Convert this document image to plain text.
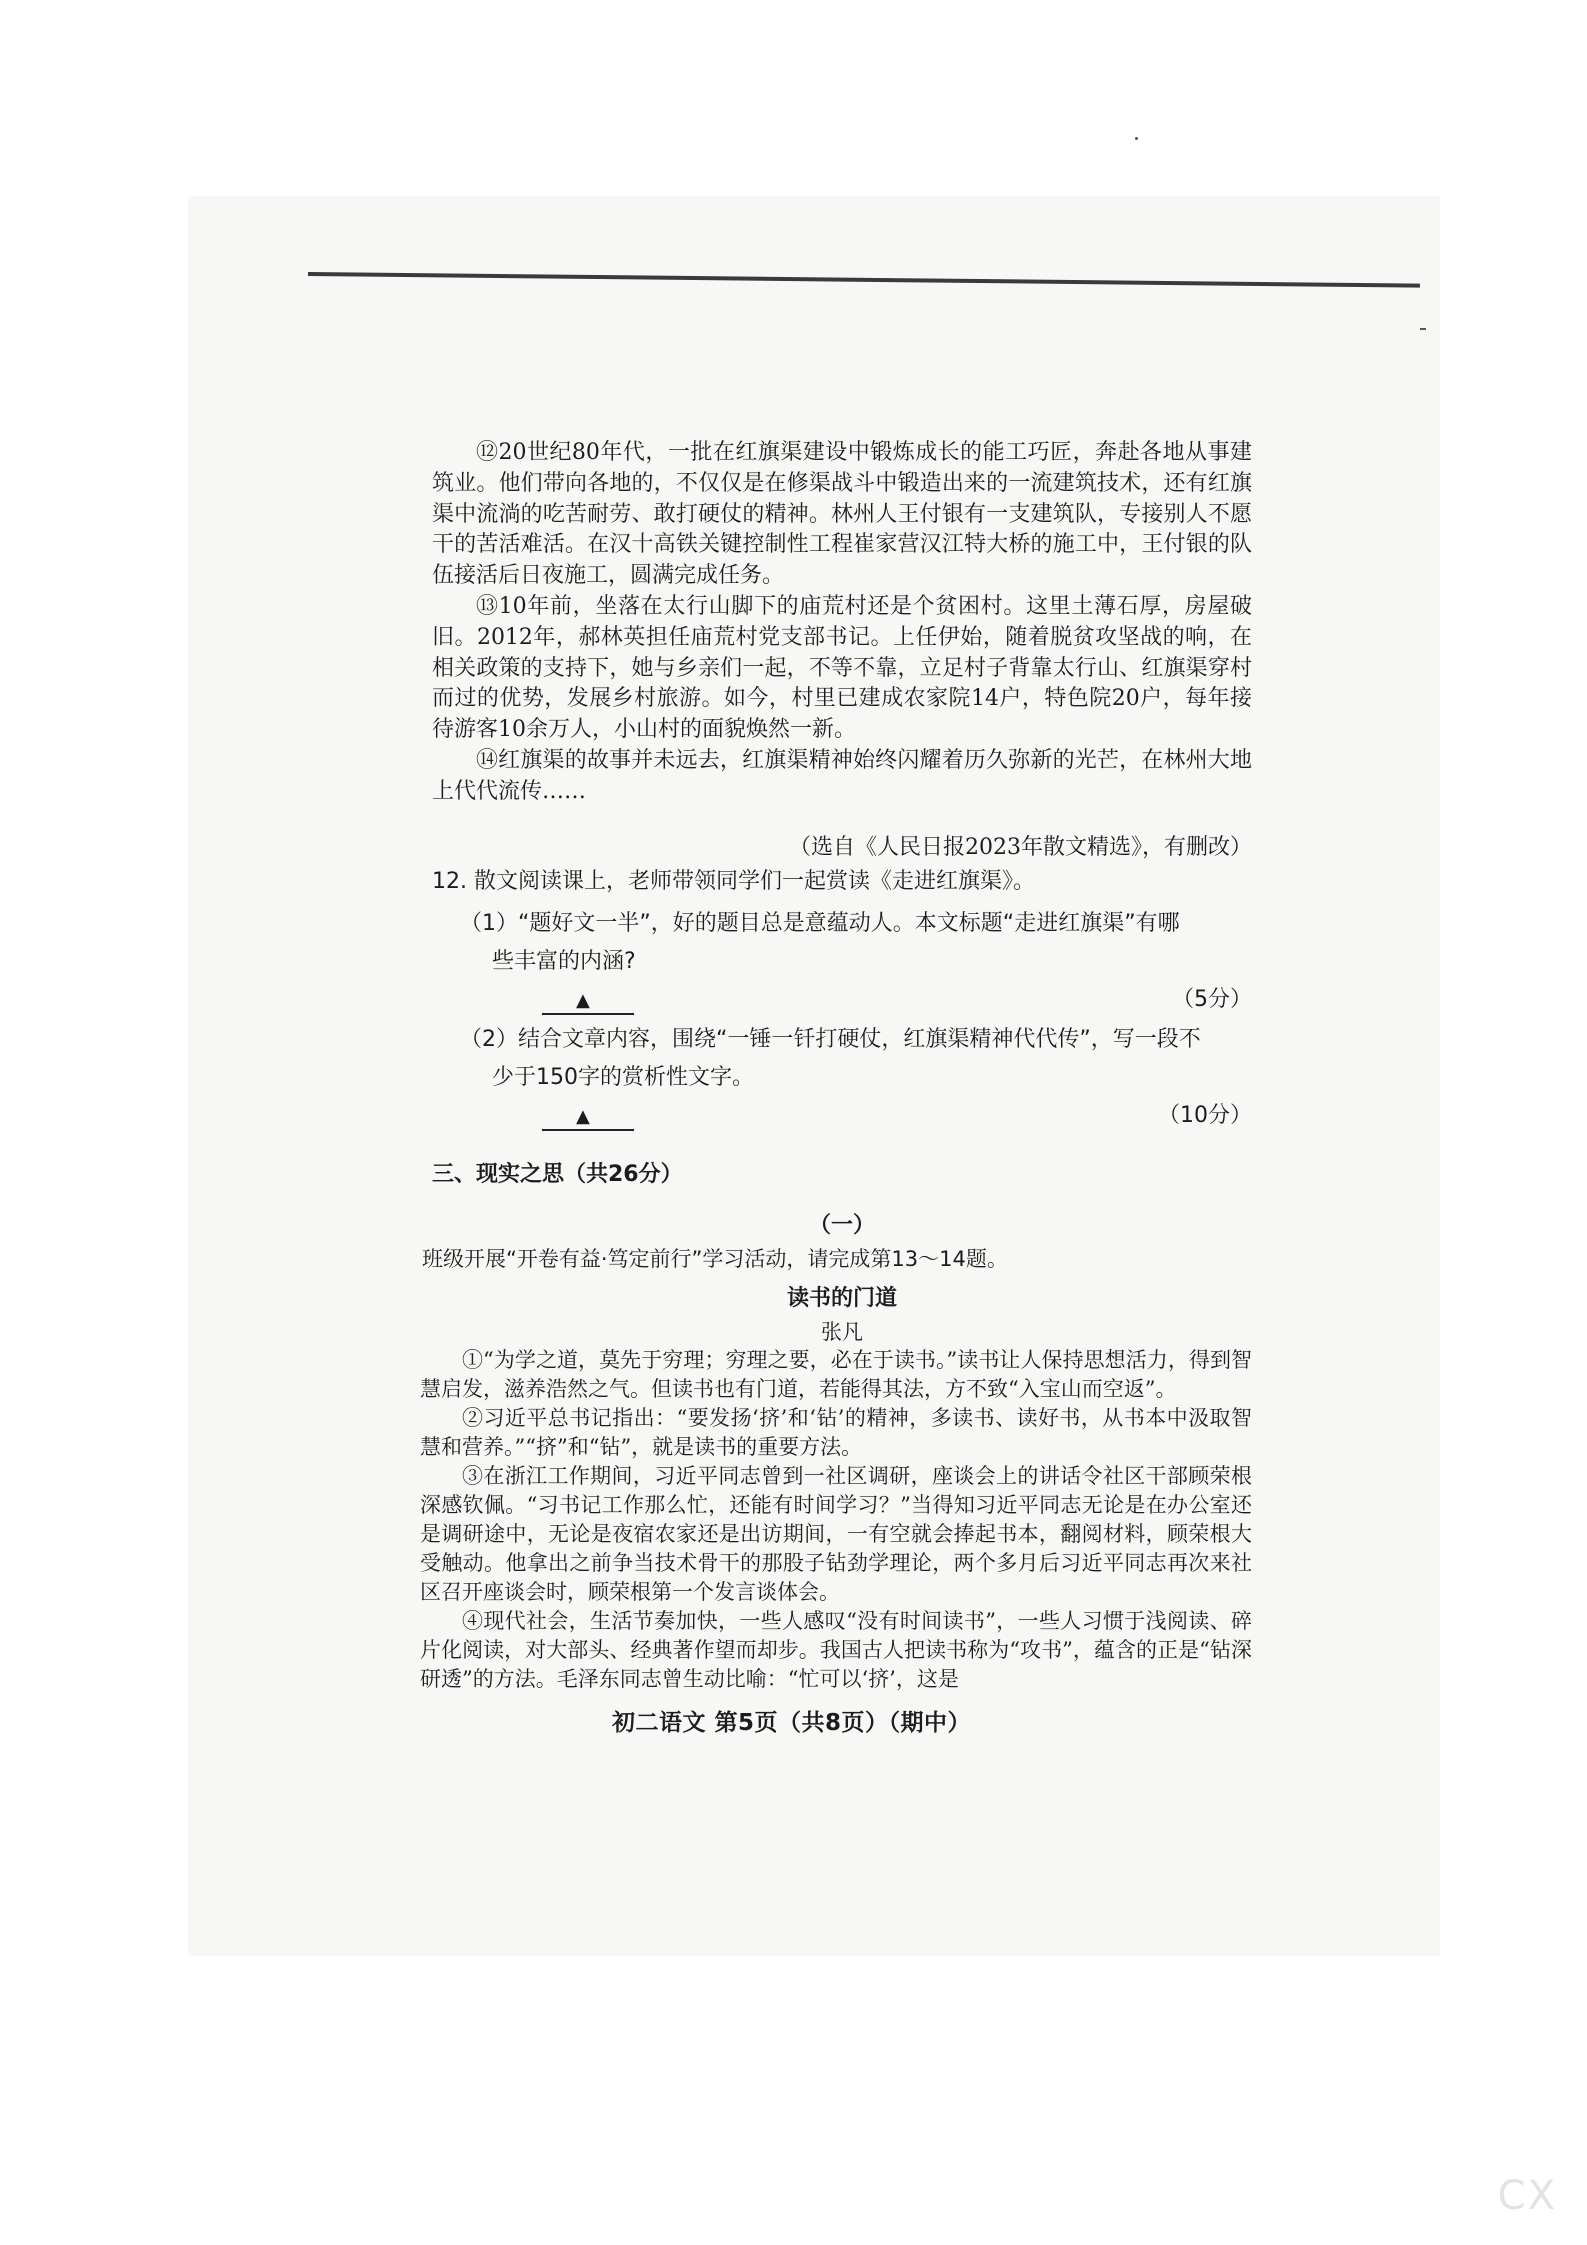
⑫20世纪80年代，一批在红旗渠建设中锻炼成长的能工巧匠，奔赴各地从事建筑业。他们带向各地的，不仅仅是在修渠战斗中锻造出来的一流建筑技术，还有红旗渠中流淌的吃苦耐劳、敢打硬仗的精神。林州人王付银有一支建筑队，专接别人不愿干的苦活难活。在汉十高铁关键控制性工程崔家营汉江特大桥的施工中，王付银的队伍接活后日夜施工，圆满完成任务。

⑬10年前，坐落在太行山脚下的庙荒村还是个贫困村。这里土薄石厚，房屋破旧。2012年，郝林英担任庙荒村党支部书记。上任伊始，随着脱贫攻坚战的响，在相关政策的支持下，她与乡亲们一起，不等不靠，立足村子背靠太行山、红旗渠穿村而过的优势，发展乡村旅游。如今，村里已建成农家院14户，特色院20户，每年接待游客10余万人，小山村的面貌焕然一新。

⑭红旗渠的故事并未远去，红旗渠精神始终闪耀着历久弥新的光芒，在林州大地上代代流传……

（选自《人民日报2023年散文精选》，有删改）

12. 散文阅读课上，老师带领同学们一起赏读《走进红旗渠》。

（1）“题好文一半”，好的题目总是意蕴动人。本文标题“走进红旗渠”有哪
些丰富的内涵?
（5分）
▲
（2）结合文章内容，围绕“一锤一钎打硬仗，红旗渠精神代代传”，写一段不
少于150字的赏析性文字。
（10分）
▲

三、现实之思（共26分）

（一）

班级开展“开卷有益·笃定前行”学习活动，请完成第13～14题。

读书的门道

张凡

①“为学之道，莫先于穷理；穷理之要，必在于读书。”读书让人保持思想活力，得到智慧启发，滋养浩然之气。但读书也有门道，若能得其法，方不致“入宝山而空返”。

②习近平总书记指出：“要发扬‘挤’和‘钻’的精神，多读书、读好书，从书本中汲取智慧和营养。”“挤”和“钻”，就是读书的重要方法。

③在浙江工作期间，习近平同志曾到一社区调研，座谈会上的讲话令社区干部顾荣根深感钦佩。“习书记工作那么忙，还能有时间学习？”当得知习近平同志无论是在办公室还是调研途中，无论是夜宿农家还是出访期间，一有空就会捧起书本，翻阅材料，顾荣根大受触动。他拿出之前争当技术骨干的那股子钻劲学理论，两个多月后习近平同志再次来社区召开座谈会时，顾荣根第一个发言谈体会。

④现代社会，生活节奏加快，一些人感叹“没有时间读书”，一些人习惯于浅阅读、碎片化阅读，对大部头、经典著作望而却步。我国古人把读书称为“攻书”，蕴含的正是“钻深研透”的方法。毛泽东同志曾生动比喻：“忙可以‘挤’，这是

初二语文 第5页（共8页）（期中）
CX
